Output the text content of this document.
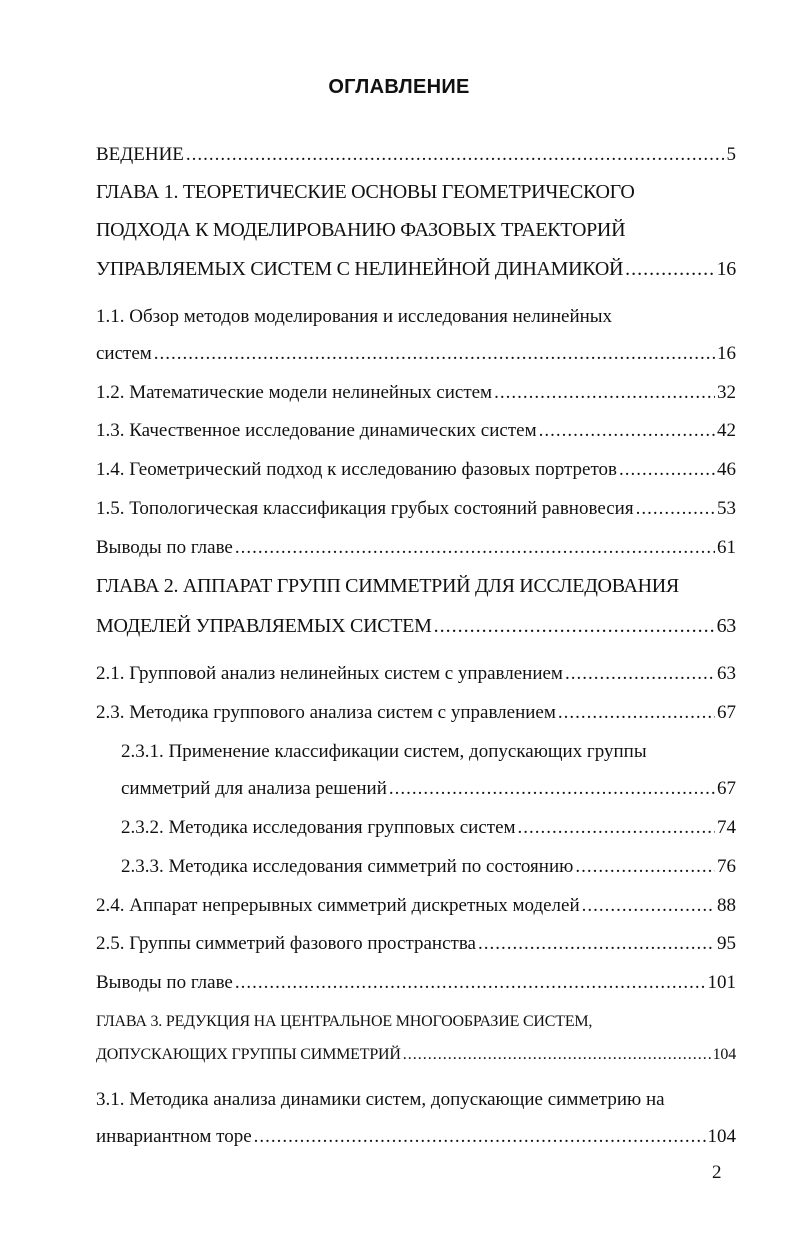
ОГЛАВЛЕНИЕ
ВЕДЕНИЕ .....	5
ГЛАВА 1. ТЕОРЕТИЧЕСКИЕ ОСНОВЫ ГЕОМЕТРИЧЕСКОГО
ПОДХОДА К МОДЕЛИРОВАНИЮ ФАЗОВЫХ ТРАЕКТОРИЙ
УПРАВЛЯЕМЫХ СИСТЕМ С НЕЛИНЕЙНОЙ ДИНАМИКОЙ .....	16
1.1. Обзор методов моделирования и исследования нелинейных
систем .....	16
1.2. Математические модели нелинейных систем .....	32
1.3. Качественное исследование динамических систем .....	42
1.4. Геометрический подход к исследованию фазовых портретов .....	46
1.5. Топологическая классификация грубых состояний равновесия .....	53
Выводы по главе .....	61
ГЛАВА 2. АППАРАТ ГРУПП СИММЕТРИЙ ДЛЯ ИССЛЕДОВАНИЯ
МОДЕЛЕЙ УПРАВЛЯЕМЫХ СИСТЕМ .....	63
2.1. Групповой анализ нелинейных систем с управлением .....	63
2.3. Методика группового анализа систем с управлением .....	67
2.3.1. Применение классификации систем, допускающих группы
симметрий для анализа решений .....	67
2.3.2. Методика исследования групповых систем .....	74
2.3.3. Методика исследования симметрий по состоянию .....	76
2.4. Аппарат непрерывных симметрий дискретных моделей .....	88
2.5. Группы симметрий фазового пространства .....	95
Выводы по главе .....	101
ГЛАВА 3. РЕДУКЦИЯ НА ЦЕНТРАЛЬНОЕ МНОГООБРАЗИЕ СИСТЕМ,
ДОПУСКАЮЩИХ ГРУППЫ СИММЕТРИЙ .....	104
3.1. Методика анализа динамики систем, допускающие симметрию на
инвариантном торе .....	104
2
